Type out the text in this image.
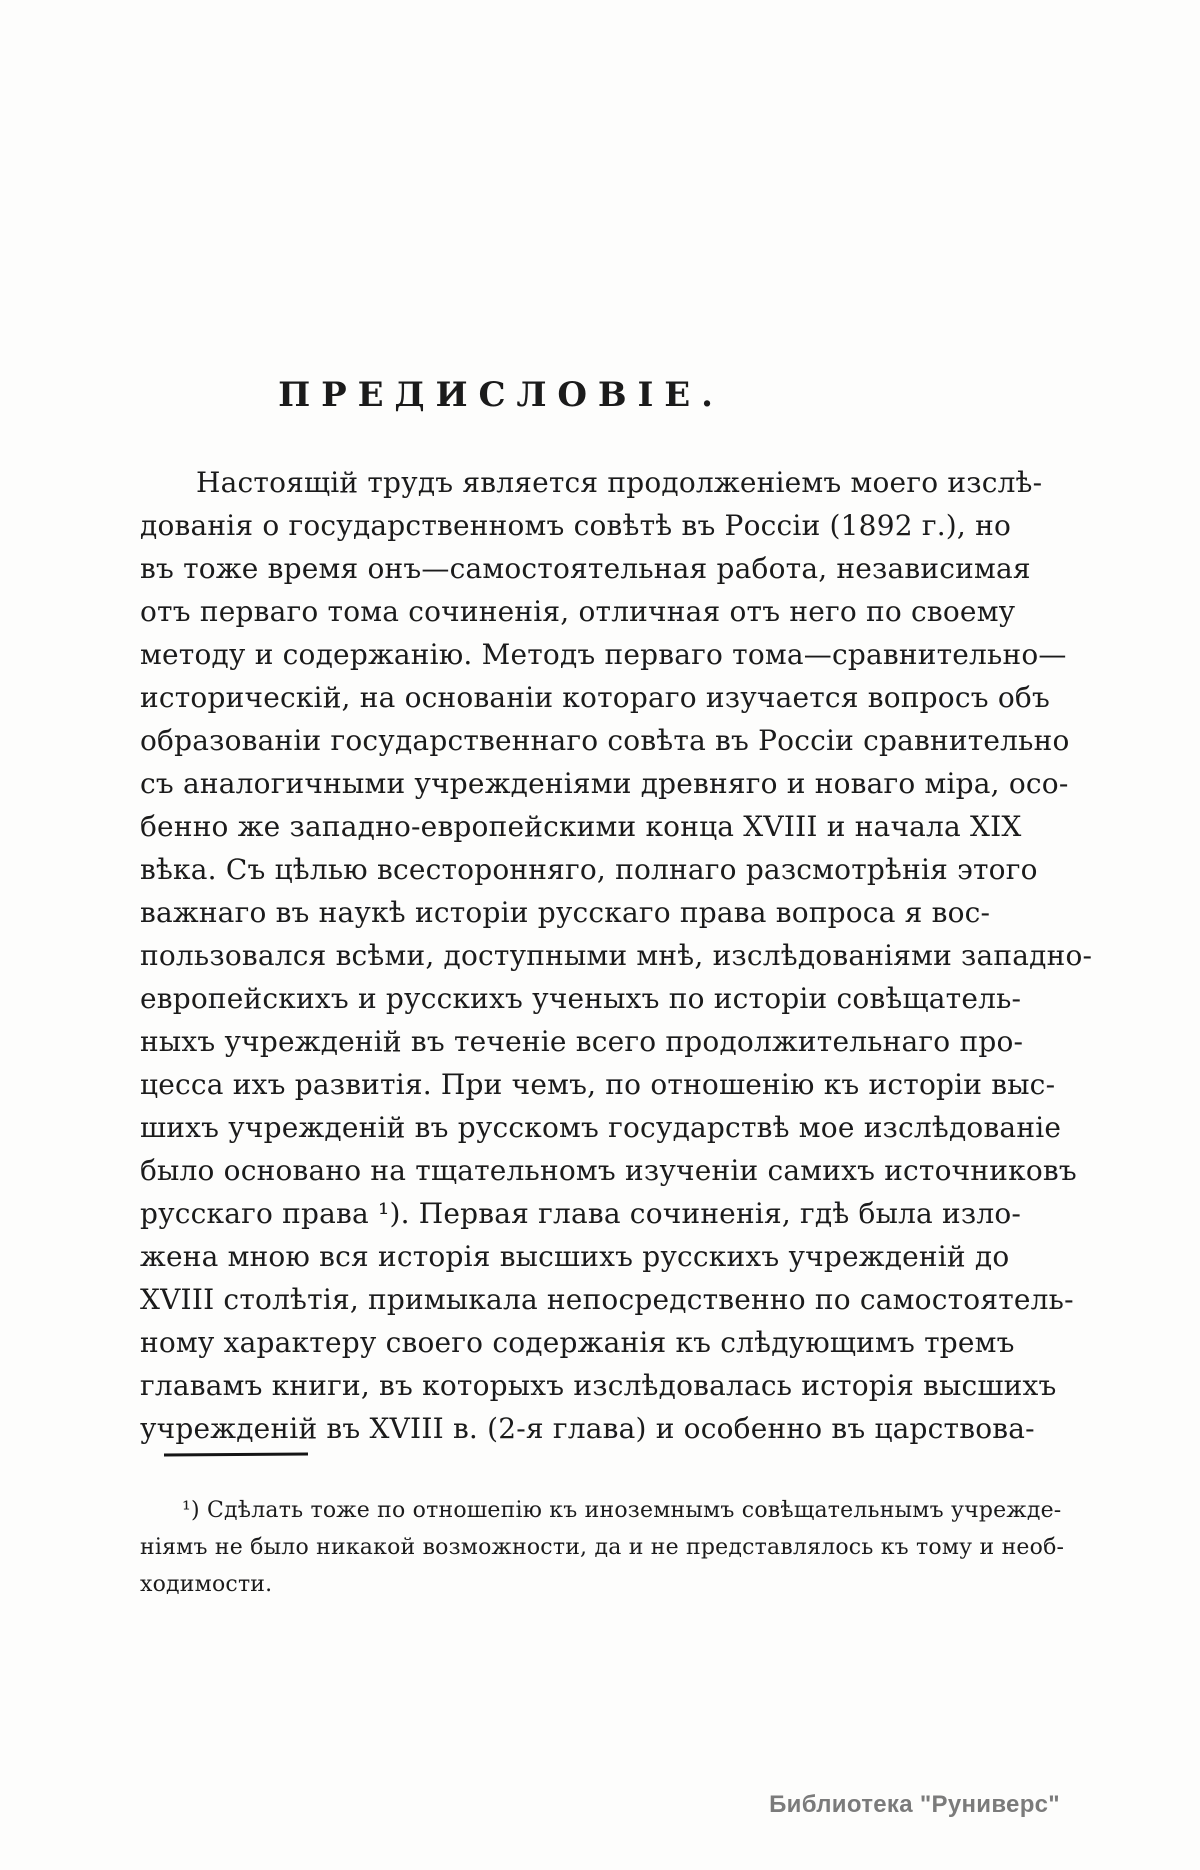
ПРЕДИСЛОВІЕ.
Настоящій трудъ является продолженіемъ моего изслѣ-
дованія о государственномъ совѣтѣ въ Россіи (1892 г.), но
въ тоже время онъ—самостоятельная работа, независимая
отъ перваго тома сочиненія, отличная отъ него по своему
методу и содержанію. Методъ перваго тома—сравнительно—
историческій, на основаніи котораго изучается вопросъ объ
образованіи государственнаго совѣта въ Россіи сравнительно
съ аналогичными учрежденіями древняго и новаго міра, осо-
бенно же западно-европейскими конца XVIII и начала XIX
вѣка. Съ цѣлью всесторонняго, полнаго разсмотрѣнія этого
важнаго въ наукѣ исторіи русскаго права вопроса я вос-
пользовался всѣми, доступными мнѣ, изслѣдованіями западно-
европейскихъ и русскихъ ученыхъ по исторіи совѣщатель-
ныхъ учрежденій въ теченіе всего продолжительнаго про-
цесса ихъ развитія. При чемъ, по отношенію къ исторіи выс-
шихъ учрежденій въ русскомъ государствѣ мое изслѣдованіе
было основано на тщательномъ изученіи самихъ источниковъ
русскаго права ¹). Первая глава сочиненія, гдѣ была изло-
жена мною вся исторія высшихъ русскихъ учрежденій до
XVIII столѣтія, примыкала непосредственно по самостоятель-
ному характеру своего содержанія къ слѣдующимъ тремъ
главамъ книги, въ которыхъ изслѣдовалась исторія высшихъ
учрежденій въ XVIII в. (2-я глава) и особенно въ царствова-
¹) Сдѣлать тоже по отношепію къ иноземнымъ совѣщательнымъ учрежде-
ніямъ не было никакой возможности, да и не представлялось къ тому и необ-
ходимости.
Библиотека "Руниверс"
